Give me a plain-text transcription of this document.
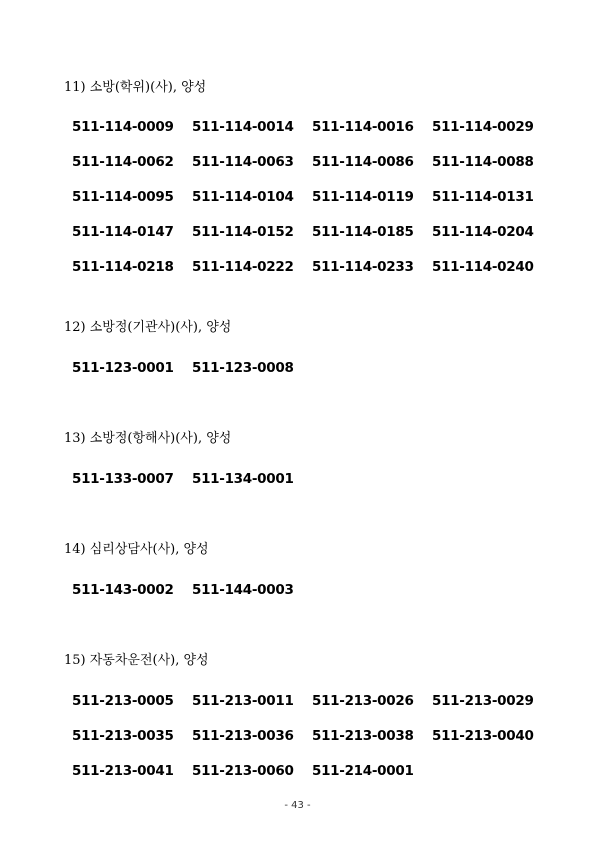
11) 소방(학위)(사), 양성
511-114-0009	511-114-0014	511-114-0016	511-114-0029
511-114-0062	511-114-0063	511-114-0086	511-114-0088
511-114-0095	511-114-0104	511-114-0119	511-114-0131
511-114-0147	511-114-0152	511-114-0185	511-114-0204
511-114-0218	511-114-0222	511-114-0233	511-114-0240
12) 소방정(기관사)(사), 양성
511-123-0001	511-123-0008
13) 소방정(항해사)(사), 양성
511-133-0007	511-134-0001
14) 심리상담사(사), 양성
511-143-0002	511-144-0003
15) 자동차운전(사), 양성
511-213-0005	511-213-0011	511-213-0026	511-213-0029
511-213-0035	511-213-0036	511-213-0038	511-213-0040
511-213-0041	511-213-0060	511-214-0001
- 43 -
